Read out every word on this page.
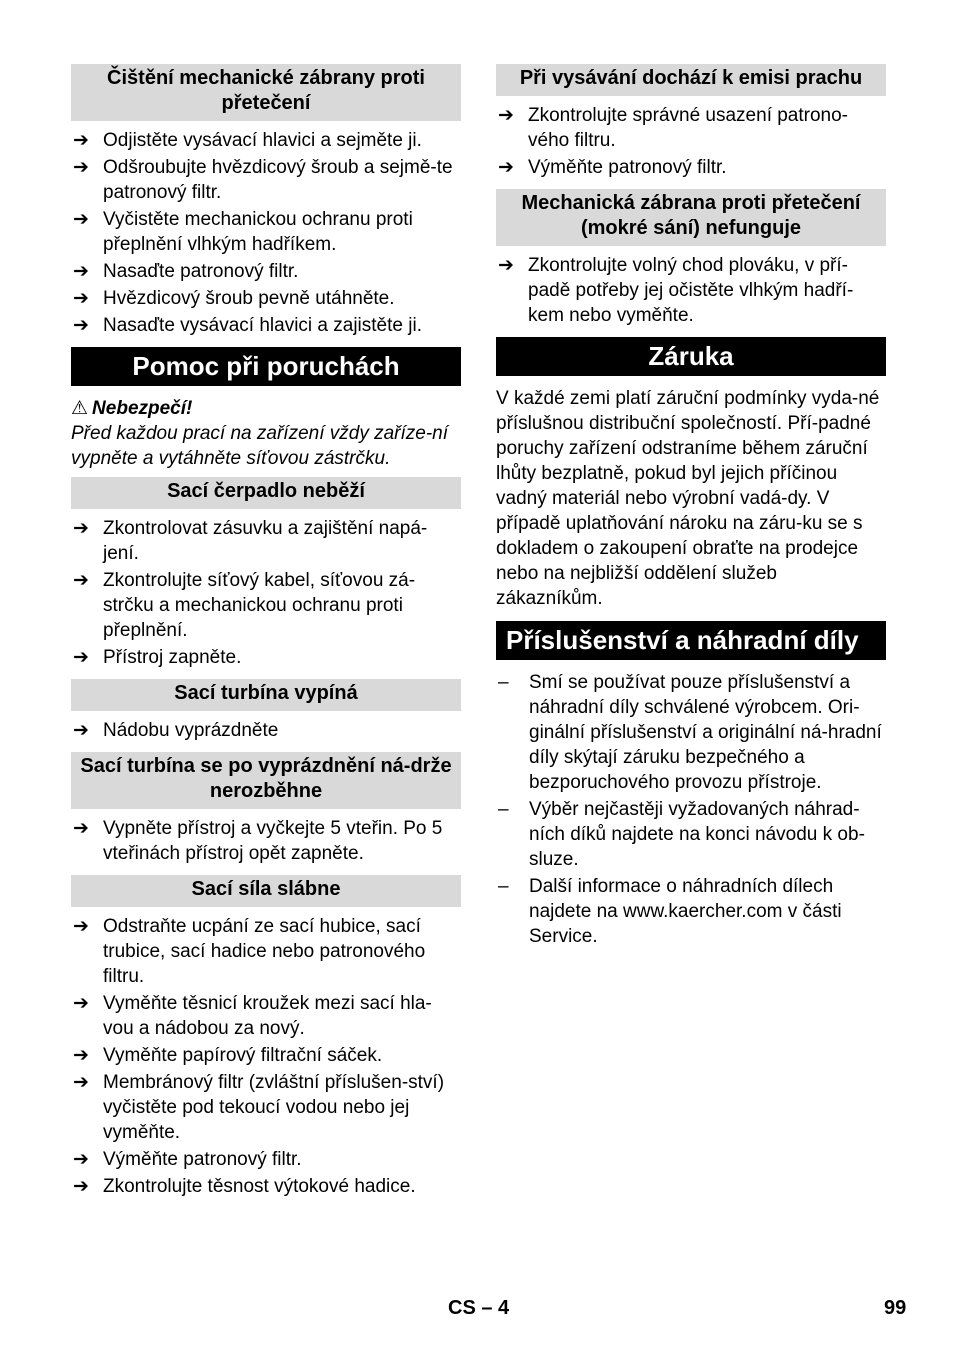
Čištění mechanické zábrany proti přetečení
➔ Odjistěte vysávací hlavici a sejměte ji.
➔ Odšroubujte hvězdicový šroub a sejmě-te patronový filtr.
➔ Vyčistěte mechanickou ochranu proti přeplnění vlhkým hadříkem.
➔ Nasaďte patronový filtr.
➔ Hvězdicový šroub pevně utáhněte.
➔ Nasaďte vysávací hlavici a zajistěte ji.
Pomoc při poruchách

⚠ Nebezpečí!

Před každou prací na zařízení vždy zaříze-ní vypněte a vytáhněte síťovou zástrčku.

Sací čerpadlo neběží
➔ Zkontrolovat zásuvku a zajištění napá-jení.
➔ Zkontrolujte síťový kabel, síťovou zá-strčku a mechanickou ochranu proti přeplnění.
➔ Přístroj zapněte.
Sací turbína vypíná
➔ Nádobu vyprázdněte
Sací turbína se po vyprázdnění ná-drže nerozběhne
➔ Vypněte přístroj a vyčkejte 5 vteřin. Po 5 vteřinách přístroj opět zapněte.
Sací síla slábne
➔ Odstraňte ucpání ze sací hubice, sací trubice, sací hadice nebo patronového filtru.
➔ Vyměňte těsnicí kroužek mezi sací hla-vou a nádobou za nový.
➔ Vyměňte papírový filtrační sáček.
➔ Membránový filtr (zvláštní příslušen-ství) vyčistěte pod tekoucí vodou nebo jej vyměňte.
➔ Výměňte patronový filtr.
➔ Zkontrolujte těsnost výtokové hadice.
Při vysávání dochází k emisi prachu
➔ Zkontrolujte správné usazení patrono-vého filtru.
➔ Výměňte patronový filtr.
Mechanická zábrana proti přetečení (mokré sání) nefunguje
➔ Zkontrolujte volný chod plováku, v pří-padě potřeby jej očistěte vlhkým hadří-kem nebo vyměňte.
Záruka

V každé zemi platí záruční podmínky vyda-né příslušnou distribuční společností. Pří-padné poruchy zařízení odstraníme během záruční lhůty bezplatně, pokud byl jejich příčinou vadný materiál nebo výrobní vadá-dy. V případě uplatňování nároku na záru-ku se s dokladem o zakoupení obraťte na prodejce nebo na nejbližší oddělení služeb zákazníkům.

Příslušenství a náhradní díly
– Smí se používat pouze příslušenství a náhradní díly schválené výrobcem. Ori-ginální příslušenství a originální ná-hradní díly skýtají záruku bezpečného a bezporuchového provozu přístroje.
– Výběr nejčastěji vyžadovaných náhrad-ních díků najdete na konci návodu k ob-sluze.
– Další informace o náhradních dílech najdete na www.kaercher.com v části Service.
CS – 4	99
